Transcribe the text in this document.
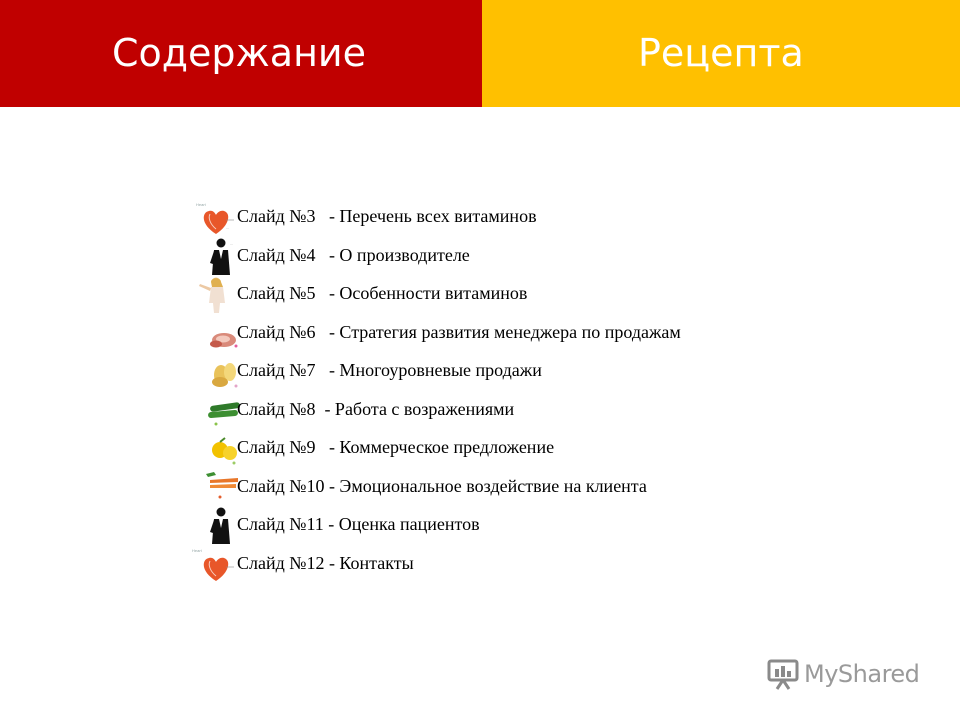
Содержание	Рецепта
Heart
...
Слайд №3   - Перечень всех витаминов
...
Слайд №4   - О производителе
Слайд №5   - Особенности витаминов
Слайд №6   - Стратегия развития менеджера по продажам
Слайд №7   - Многоуровневые продажи
Слайд №8  - Работа с возражениями
Слайд №9   - Коммерческое предложение
Слайд №10 - Эмоциональное воздействие на клиента
Слайд №11 - Оценка пациентов
Heart
Слайд №12 - Контакты
MyShared
